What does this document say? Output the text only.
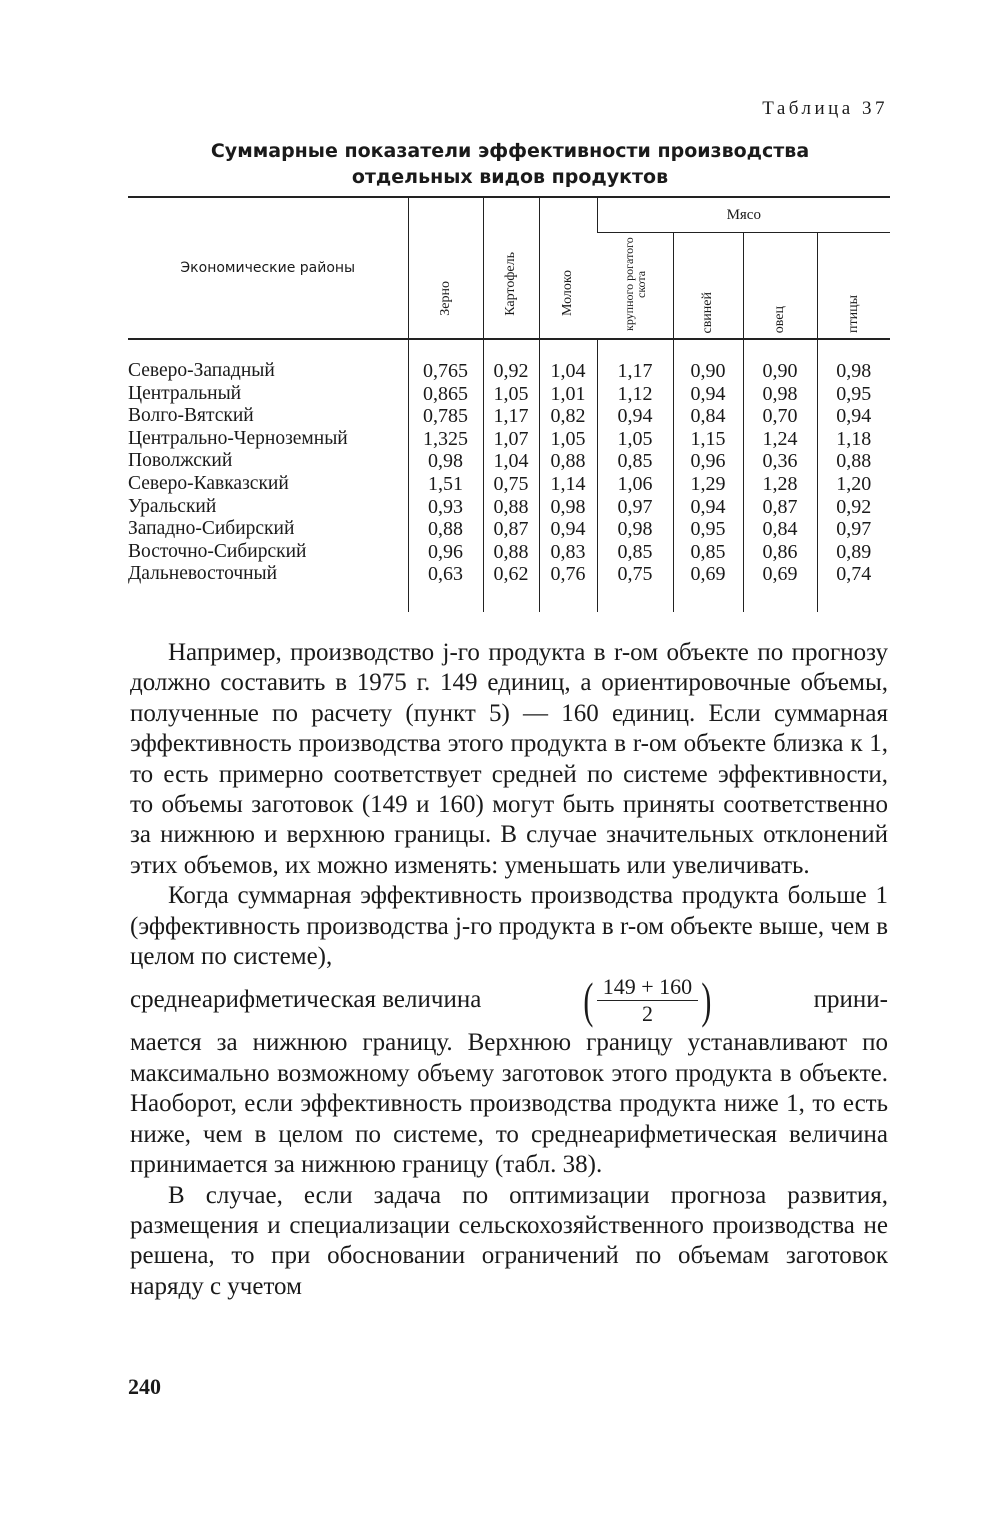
Таблица 37
Суммарные показатели эффективности производства
отдельных видов продуктов
Экономические районы	Зерно	Картофель	Молоко	Мясо			

				крупного рогатого скота	свиней	овец	птицы

Северо-Западный	0,765	0,92	1,04	1,17	0,90	0,90	0,98
Центральный	0,865	1,05	1,01	1,12	0,94	0,98	0,95
Волго-Вятский	0,785	1,17	0,82	0,94	0,84	0,70	0,94
Центрально-Черноземный	1,325	1,07	1,05	1,05	1,15	1,24	1,18
Поволжский	0,98	1,04	0,88	0,85	0,96	0,36	0,88
Северо-Кавказский	1,51	0,75	1,14	1,06	1,29	1,28	1,20
Уральский	0,93	0,88	0,98	0,97	0,94	0,87	0,92
Западно-Сибирский	0,88	0,87	0,94	0,98	0,95	0,84	0,97
Восточно-Сибирский	0,96	0,88	0,83	0,85	0,85	0,86	0,89
Дальневосточный	0,63	0,62	0,76	0,75	0,69	0,69	0,74

Например, производство j-го продукта в r-ом объекте по прогнозу должно составить в 1975 г. 149 единиц, а ориентировочные объемы, полученные по расчету (пункт 5) — 160 единиц. Если суммарная эффективность производства этого продукта в r-ом объекте близка к 1, то есть примерно соответствует средней по системе эффективности, то объемы заготовок (149 и 160) могут быть приняты соответственно за нижнюю и верхнюю границы. В случае значительных отклонений этих объемов, их можно изменять: уменьшать или увеличивать.

Когда суммарная эффективность производства продукта больше 1 (эффективность производства j-го продукта в r-ом объекте выше, чем в целом по системе),

среднеарифметическая величина ( $\frac{149 + 160}{2}$ )	прини-
мается за нижнюю границу. Верхнюю границу устанавливают по максимально возможному объему заготовок этого продукта в объекте. Наоборот, если эффективность производства продукта ниже 1, то есть ниже, чем в целом по системе, то среднеарифметическая величина принимается за нижнюю границу (табл. 38).

В случае, если задача по оптимизации прогноза развития, размещения и специализации сельскохозяйственного производства не решена, то при обосновании ограничений по объемам заготовок наряду с учетом

240
